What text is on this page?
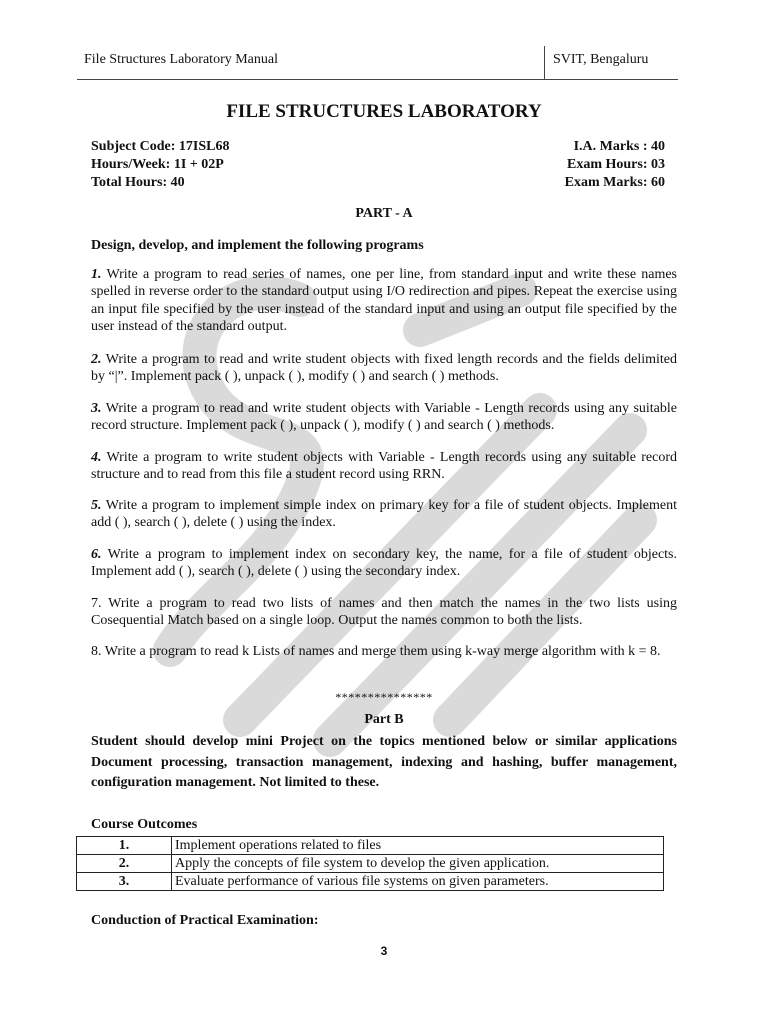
File Structures Laboratory Manual	SVIT, Bengaluru
FILE STRUCTURES LABORATORY
Subject Code: 17ISL68	I.A. Marks : 40
Hours/Week: 1I + 02P	Exam Hours: 03
Total Hours: 40	Exam Marks: 60
PART - A
Design, develop, and implement the following programs
1. Write a program to read series of names, one per line, from standard input and write these names spelled in reverse order to the standard output using I/O redirection and pipes. Repeat the exercise using an input file specified by the user instead of the standard input and using an output file specified by the user instead of the standard output.
2. Write a program to read and write student objects with fixed length records and the fields delimited by “|”. Implement pack ( ), unpack ( ), modify ( ) and search ( ) methods.
3. Write a program to read and write student objects with Variable - Length records using any suitable record structure. Implement pack ( ), unpack ( ), modify ( ) and search ( ) methods.
4. Write a program to write student objects with Variable - Length records using any suitable record structure and to read from this file a student record using RRN.
5. Write a program to implement simple index on primary key for a file of student objects. Implement add ( ), search ( ), delete ( ) using the index.
6. Write a program to implement index on secondary key, the name, for a file of student objects. Implement add ( ), search ( ), delete ( ) using the secondary index.
7. Write a program to read two lists of names and then match the names in the two lists using Cosequential Match based on a single loop. Output the names common to both the lists.
8. Write a program to read k Lists of names and merge them using k-way merge algorithm with k = 8.
***************
Part B
Student should develop mini Project on the topics mentioned below or similar applications Document processing, transaction management, indexing and hashing, buffer management, configuration management. Not limited to these.
Course Outcomes
1.	Implement operations related to files
2.	Apply the concepts of file system to develop the given application.
3.	Evaluate performance of various file systems on given parameters.
Conduction of Practical Examination:
3
